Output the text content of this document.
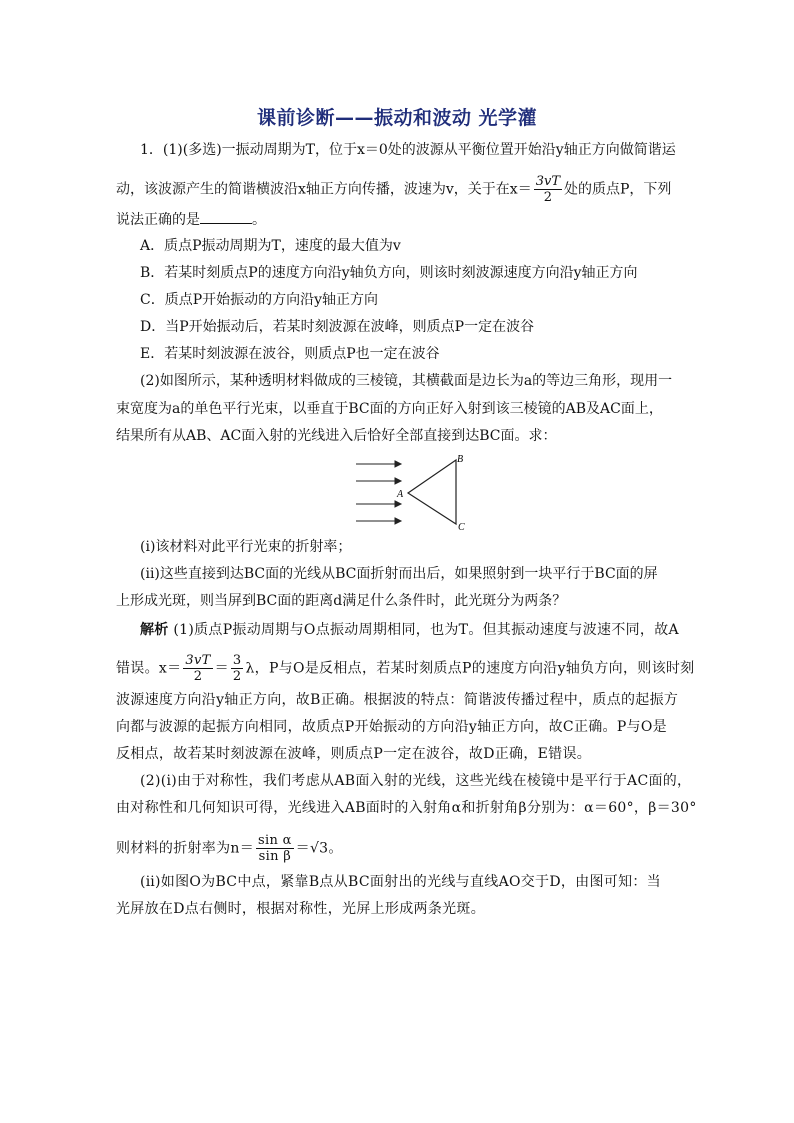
课前诊断——振动和波动 光学灌
1．(1)(多选)一振动周期为T，位于x＝0处的波源从平衡位置开始沿y轴正方向做简谐运
动，该波源产生的简谐横波沿x轴正方向传播，波速为v，关于在$x= \frac{3vT}{2}$ 处的质点P，下列
说法正确的是	。
A．质点P振动周期为T，速度的最大值为v
B．若某时刻质点P的速度方向沿y轴负方向，则该时刻波源速度方向沿y轴正方向
C．质点P开始振动的方向沿y轴正方向
D．当P开始振动后，若某时刻波源在波峰，则质点P一定在波谷
E．若某时刻波源在波谷，则质点P也一定在波谷
(2)如图所示，某种透明材料做成的三棱镜，其横截面是边长为a的等边三角形，现用一
束宽度为a的单色平行光束，以垂直于BC面的方向正好入射到该三棱镜的AB及AC面上，
结果所有从AB、AC面入射的光线进入后恰好全部直接到达BC面。求：
A
B
C
(ⅰ)该材料对此平行光束的折射率；
(ⅱ)这些直接到达BC面的光线从BC面折射而出后，如果照射到一块平行于BC面的屏
上形成光斑，则当屏到BC面的距离d满足什么条件时，此光斑分为两条？
解析 (1)质点P振动周期与O点振动周期相同，也为T。但其振动速度与波速不同，故A
错误。$x= \frac{3vT}{2} = \frac{3}{2}$ λ，P与O是反相点，若某时刻质点P的速度方向沿y轴负方向，则该时刻
波源速度方向沿y轴正方向，故B正确。根据波的特点：简谐波传播过程中，质点的起振方
向都与波源的起振方向相同，故质点P开始振动的方向沿y轴正方向，故C正确。P与O是
反相点，故若某时刻波源在波峰，则质点P一定在波谷，故D正确，E错误。
(2)(ⅰ)由于对称性，我们考虑从AB面入射的光线，这些光线在棱镜中是平行于AC面的，
由对称性和几何知识可得，光线进入AB面时的入射角α和折射角β分别为：α＝60°，β＝30°
则材料的折射率为$n= \frac{\text{sin α}}{\text{sin β}} =√3$。
(ⅱ)如图O为BC中点，紧靠B点从BC面射出的光线与直线AO交于D，由图可知：当
光屏放在D点右侧时，根据对称性，光屏上形成两条光斑。
